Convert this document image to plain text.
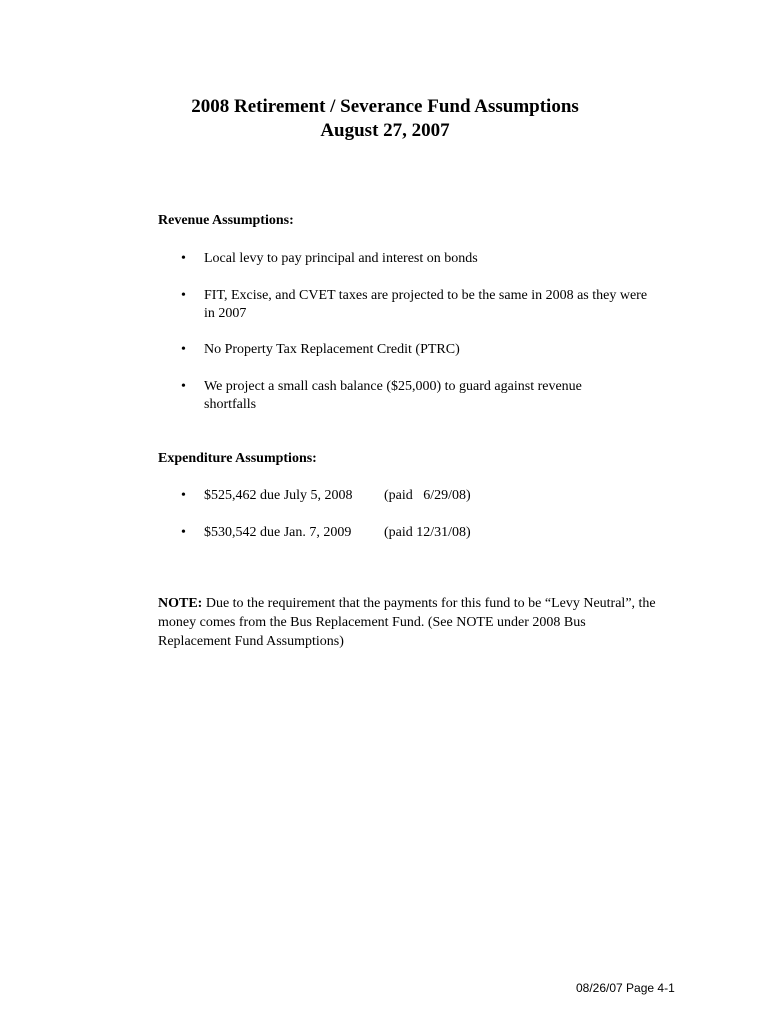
2008 Retirement / Severance Fund Assumptions
August 27, 2007
Revenue Assumptions:
• Local levy to pay principal and interest on bonds
• FIT, Excise, and CVET taxes are projected to be the same in 2008 as they were in 2007
• No Property Tax Replacement Credit (PTRC)
• We project a small cash balance ($25,000) to guard against revenue shortfalls
Expenditure Assumptions:
• $525,462 due July 5, 2008 (paid   6/29/08)
• $530,542 due Jan. 7, 2009 (paid 12/31/08)
NOTE: Due to the requirement that the payments for this fund to be “Levy Neutral”, the money comes from the Bus Replacement Fund. (See NOTE under 2008 Bus Replacement Fund Assumptions)
08/26/07 Page 4-1
